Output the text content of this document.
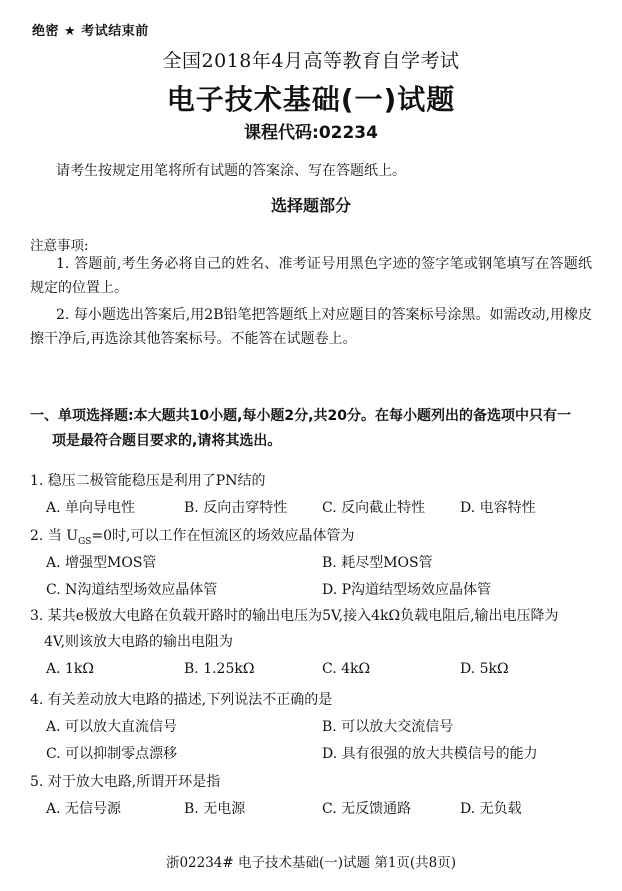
绝密 ★ 考试结束前
全国2018年4月高等教育自学考试
电子技术基础(一)试题
课程代码:02234
请考生按规定用笔将所有试题的答案涂、写在答题纸上。
选择题部分
注意事项:
1. 答题前,考生务必将自己的姓名、准考证号用黑色字迹的签字笔或钢笔填写在答题纸规定的位置上。
2. 每小题选出答案后,用2B铅笔把答题纸上对应题目的答案标号涂黑。如需改动,用橡皮擦干净后,再选涂其他答案标号。不能答在试题卷上。
一、单项选择题:本大题共10小题,每小题2分,共20分。在每小题列出的备选项中只有一
项是最符合题目要求的,请将其选出。
1. 稳压二极管能稳压是利用了PN结的
A. 单向导电性	B. 反向击穿特性 C. 反向截止特性 D. 电容特性
2. 当 $U_{GS}=0$时,可以工作在恒流区的场效应晶体管为
A. 增强型MOS管	B. 耗尽型MOS管
C. N沟道结型场效应晶体管	D. P沟道结型场效应晶体管
3. 某共e极放大电路在负载开路时的输出电压为5V,接入4kΩ负载电阻后,输出电压降为
4V,则该放大电路的输出电阻为
A. 1kΩ	B. 1.25kΩ	C. 4kΩ	D. 5kΩ
4. 有关差动放大电路的描述,下列说法不正确的是
A. 可以放大直流信号	B. 可以放大交流信号
C. 可以抑制零点漂移	D. 具有很强的放大共模信号的能力
5. 对于放大电路,所谓开环是指
A. 无信号源	B. 无电源	C. 无反馈通路	D. 无负载
浙02234# 电子技术基础(一)试题 第1页(共8页)
